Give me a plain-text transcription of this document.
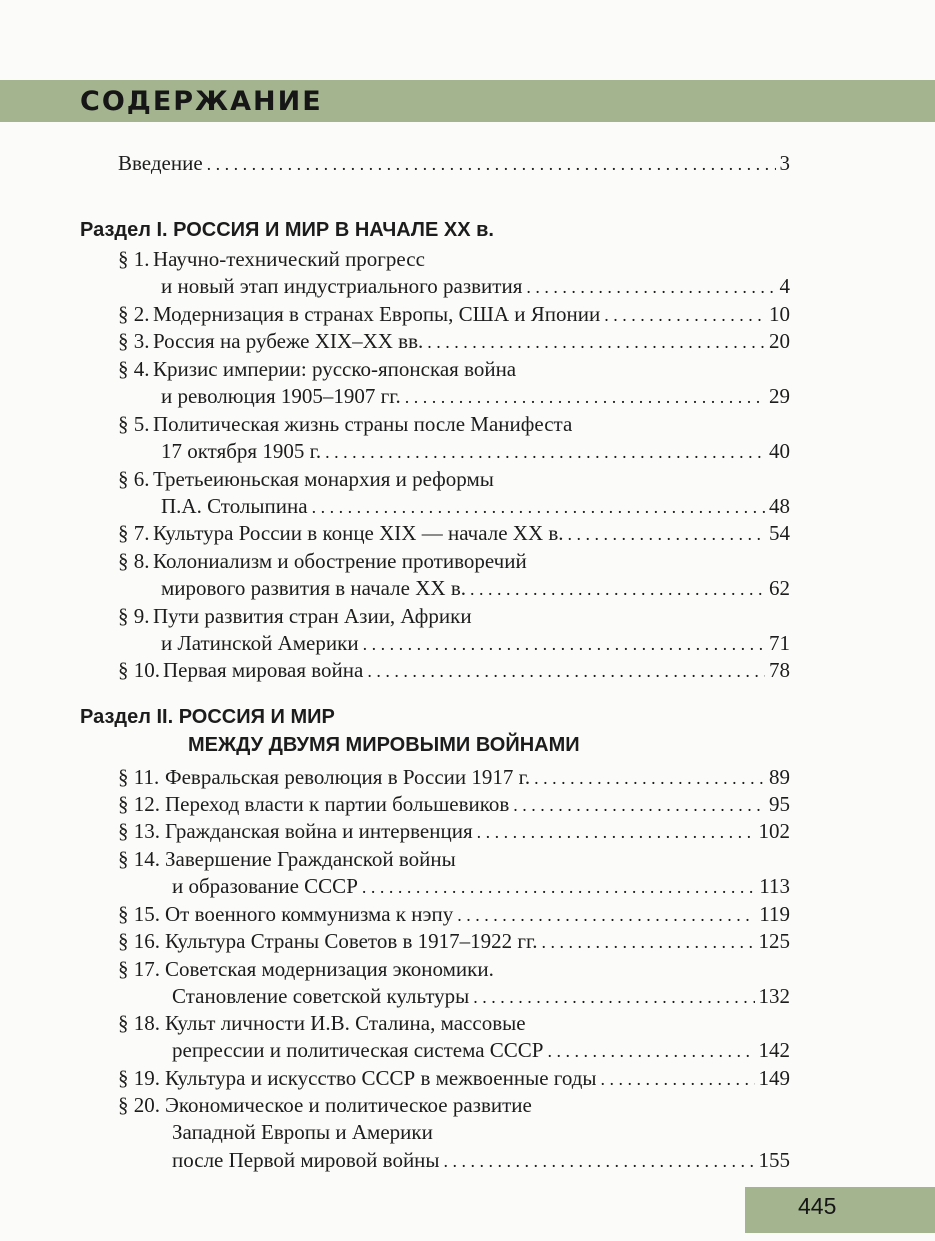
СОДЕРЖАНИЕ
Введение . . .	3
Раздел I. РОССИЯ И МИР В НАЧАЛЕ XX в.
§ 1. Научно-технический прогресс
и новый этап индустриального развития . . .	4
§ 2. Модернизация в странах Европы, США и Японии . . .	10
§ 3. Россия на рубеже XIX–XX вв. . . .	20
§ 4. Кризис империи: русско-японская война
и революция 1905–1907 гг. . . .	29
§ 5. Политическая жизнь страны после Манифеста
17 октября 1905 г. . . .	40
§ 6. Третьеиюньская монархия и реформы
П.А. Столыпина . . .	48
§ 7. Культура России в конце XIX — начале XX в. . . .	54
§ 8. Колониализм и обострение противоречий
мирового развития в начале XX в. . . .	62
§ 9. Пути развития стран Азии, Африки
и Латинской Америки . . .	71
§ 10. Первая мировая война . . .	78
Раздел II. РОССИЯ И МИР
МЕЖДУ ДВУМЯ МИРОВЫМИ ВОЙНАМИ
§ 11. Февральская революция в России 1917 г. . . .	89
§ 12. Переход власти к партии большевиков . . .	95
§ 13. Гражданская война и интервенция . . .	102
§ 14. Завершение Гражданской войны
и образование СССР . . .	113
§ 15. От военного коммунизма к нэпу . . .	119
§ 16. Культура Страны Советов в 1917–1922 гг. . . .	125
§ 17. Советская модернизация экономики.
Становление советской культуры . . .	132
§ 18. Культ личности И.В. Сталина, массовые
репрессии и политическая система СССР . . .	142
§ 19. Культура и искусство СССР в межвоенные годы . . .	149
§ 20. Экономическое и политическое развитие
Западной Европы и Америки
после Первой мировой войны . . .	155
445
